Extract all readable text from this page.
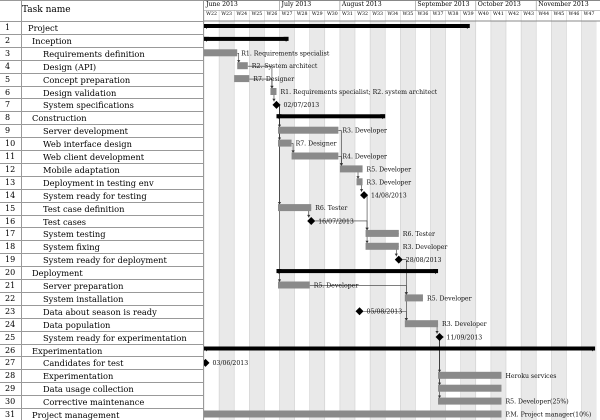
Task name
1 Project
2	Inception
3	Requirements definition
4	Design (API)
5	Concept preparation
6	Design validation
7	System specifications
8	Construction
9	Server development
10	Web interface design
11	Web client development
12	Mobile adaptation
13	Deployment in testing env
14	System ready for testing
15	Test case definition
16	Test cases
17	System testing
18	System fixing
19	System ready for deployment
20 Deployment
21	Server preparation
22	System installation
23	Data about season is ready
24	Data population
25	System ready for experimentation
26 Experimentation
27	Candidates for test
28	Experimentation
29	Data usage collection
30	Corrective maintenance
31 Project management
R1. Requirements specialist
R2. System architect
R7. Designer
R1. Requirements specialist; R2. system architect
02/07/2013
R3. Developer
R7. Designer
R4. Developer
R5. Developer
R3. Developer
14/08/2013
R6. Tester
16/07/2013
R6. Tester
R3. Developer
28/08/2013
R5. Developer
R5. Developer
05/08/2013
R3. Developer
11/09/2013
03/06/2013
Heroku services
R5. Developer(25%)
P.M. Project manager(10%)
June 2013	July 2013	August 2013	September 2013 October 2013	November 2013
W22 W23 W24 W25 W26 W27 W28 W29 W30 W31 W32 W33 W34 W35 W36 W37 W38 W39 W40 W41 W42 W43 W44 W45 W46 W47
